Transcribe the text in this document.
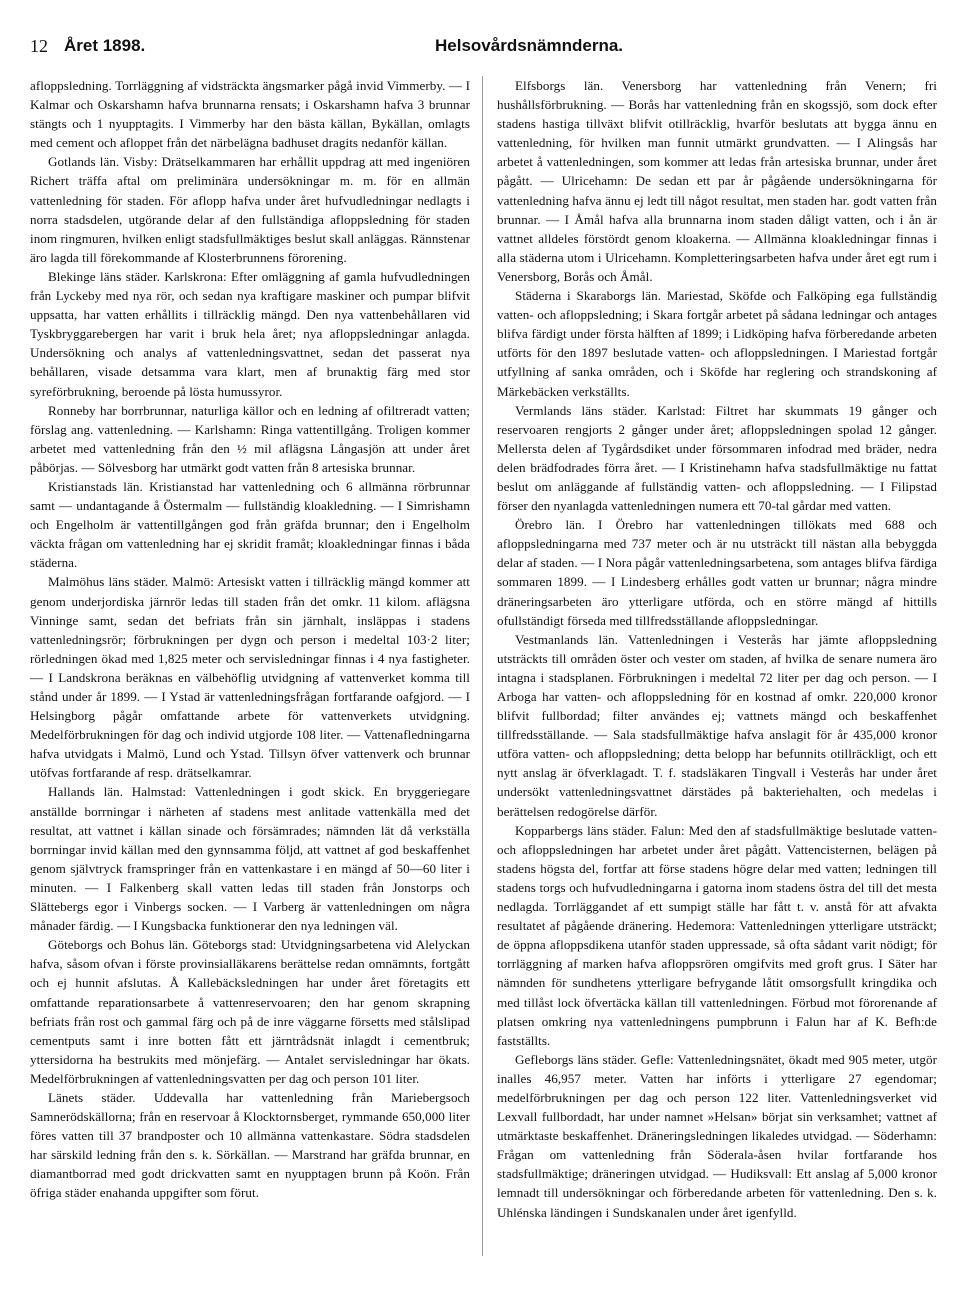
12 Året 1898.	Helsovårdsnämnderna.

afloppsledning. Torrläggning af vidsträckta ängsmarker pågå invid Vimmerby. — I Kalmar och Oskarshamn hafva brunnarna rensats; i Oskarshamn hafva 3 brunnar stängts och 1 nyupptagits. I Vimmerby har den bästa källan, Bykällan, omlagts med cement och afloppet från det närbelägna badhuset dragits nedanför källan.

Gotlands län. Visby: Drätselkammaren har erhållit uppdrag att med ingeniören Richert träffa aftal om preliminära undersökningar m. m. för en allmän vattenledning för staden. För aflopp hafva under året hufvudledningar nedlagts i norra stadsdelen, utgörande delar af den fullständiga afloppsledning för staden inom ringmuren, hvilken enligt stadsfullmäktiges beslut skall anläggas. Rännstenar äro lagda till förekommande af Klosterbrunnens förorening.

Blekinge läns städer. Karlskrona: Efter omläggning af gamla hufvudledningen från Lyckeby med nya rör, och sedan nya kraftigare maskiner och pumpar blifvit uppsatta, har vatten erhållits i tillräcklig mängd. Den nya vattenbehållaren vid Tyskbryggarebergen har varit i bruk hela året; nya afloppsledningar anlagda. Undersökning och analys af vattenledningsvattnet, sedan det passerat nya behållaren, visade detsamma vara klart, men af brunaktig färg med stor syreförbrukning, beroende på lösta humussyror.

Ronneby har borrbrunnar, naturliga källor och en ledning af ofiltreradt vatten; förslag ang. vattenledning. — Karlshamn: Ringa vattentillgång. Troligen kommer arbetet med vattenledning från den ½ mil aflägsna Långasjön att under året påbörjas. — Sölvesborg har utmärkt godt vatten från 8 artesiska brunnar.

Kristianstads län. Kristianstad har vattenledning och 6 allmänna rörbrunnar samt — undantagande å Östermalm — fullständig kloakledning. — I Simrishamn och Engelholm är vattentillgången god från gräfda brunnar; den i Engelholm väckta frågan om vattenledning har ej skridit framåt; kloakledningar finnas i båda städerna.

Malmöhus läns städer. Malmö: Artesiskt vatten i tillräcklig mängd kommer att genom underjordiska järnrör ledas till staden från det omkr. 11 kilom. aflägsna Vinninge samt, sedan det befriats från sin järnhalt, insläppas i stadens vattenledningsrör; förbrukningen per dygn och person i medeltal 103·2 liter; rörledningen ökad med 1,825 meter och servisledningar finnas i 4 nya fastigheter. — I Landskrona beräknas en välbehöflig utvidgning af vattenverket komma till stånd under år 1899. — I Ystad är vattenledningsfrågan fortfarande oafgjord. — I Helsingborg pågår omfattande arbete för vattenverkets utvidgning. Medelförbrukningen för dag och individ utgjorde 108 liter. — Vattenafledningarna hafva utvidgats i Malmö, Lund och Ystad. Tillsyn öfver vattenverk och brunnar utöfvas fortfarande af resp. drätselkamrar.

Hallands län. Halmstad: Vattenledningen i godt skick. En bryggeriegare anställde borrningar i närheten af stadens mest anlitade vattenkälla med det resultat, att vattnet i källan sinade och försämrades; nämnden lät då verkställa borrningar invid källan med den gynnsamma följd, att vattnet af god beskaffenhet genom självtryck framspringer från en vattenkastare i en mängd af 50—60 liter i minuten. — I Falkenberg skall vatten ledas till staden från Jonstorps och Slättebergs egor i Vinbergs socken. — I Varberg är vattenledningen om några månader färdig. — I Kungsbacka funktionerar den nya ledningen väl.

Göteborgs och Bohus län. Göteborgs stad: Utvidgningsarbetena vid Alelyckan hafva, såsom ofvan i förste provinsialläkarens berättelse redan omnämnts, fortgått och ej hunnit afslutas. Å Kallebäcksledningen har under året företagits ett omfattande reparationsarbete å vattenreservoaren; den har genom skrapning befriats från rost och gammal färg och på de inre väggarne försetts med stålslipad cementputs samt i inre botten fått ett järntrådsnät inlagdt i cementbruk; yttersidorna ha bestrukits med mönjefärg. — Antalet servisledningar har ökats. Medelförbrukningen af vattenledningsvatten per dag och person 101 liter.

Länets städer. Uddevalla har vattenledning från Mariebergsoch Samnerödskällorna; från en reservoar å Klocktornsberget, rymmande 650,000 liter föres vatten till 37 brandposter och 10 allmänna vattenkastare. Södra stadsdelen har särskild ledning från den s. k. Sörkällan. — Marstrand har gräfda brunnar, en diamantborrad med godt drickvatten samt en nyupptagen brunn på Koön. Från öfriga städer enahanda uppgifter som förut.

Elfsborgs län. Venersborg har vattenledning från Venern; fri hushållsförbrukning. — Borås har vattenledning från en skogssjö, som dock efter stadens hastiga tillväxt blifvit otillräcklig, hvarför beslutats att bygga ännu en vattenledning, för hvilken man funnit utmärkt grundvatten. — I Alingsås har arbetet å vattenledningen, som kommer att ledas från artesiska brunnar, under året pågått. — Ulricehamn: De sedan ett par år pågående undersökningarna för vattenledning hafva ännu ej ledt till något resultat, men staden har. godt vatten från brunnar. — I Åmål hafva alla brunnarna inom staden dåligt vatten, och i ån är vattnet alldeles förstördt genom kloakerna. — Allmänna kloakledningar finnas i alla städerna utom i Ulricehamn. Kompletteringsarbeten hafva under året egt rum i Venersborg, Borås och Åmål.

Städerna i Skaraborgs län. Mariestad, Sköfde och Falköping ega fullständig vatten- och afloppsledning; i Skara fortgår arbetet på sådana ledningar och antages blifva färdigt under första hälften af 1899; i Lidköping hafva förberedande arbeten utförts för den 1897 beslutade vatten- och afloppsledningen. I Mariestad fortgår utfyllning af sanka områden, och i Sköfde har reglering och strandskoning af Märkebäcken verkställts.

Vermlands läns städer. Karlstad: Filtret har skummats 19 gånger och reservoaren rengjorts 2 gånger under året; afloppsledningen spolad 12 gånger. Mellersta delen af Tygårdsdiket under försommaren infodrad med bräder, nedra delen brädfodrades förra året. — I Kristinehamn hafva stadsfullmäktige nu fattat beslut om anläggande af fullständig vatten- och afloppsledning. — I Filipstad förser den nyanlagda vattenledningen numera ett 70-tal gårdar med vatten.

Örebro län. I Örebro har vattenledningen tillökats med 688 och afloppsledningarna med 737 meter och är nu utsträckt till nästan alla bebyggda delar af staden. — I Nora pågår vattenledningsarbetena, som antages blifva färdiga sommaren 1899. — I Lindesberg erhålles godt vatten ur brunnar; några mindre dräneringsarbeten äro ytterligare utförda, och en större mängd af hittills ofullständigt förseda med tillfredsställande afloppsledningar.

Vestmanlands län. Vattenledningen i Vesterås har jämte afloppsledning utsträckts till områden öster och vester om staden, af hvilka de senare numera äro intagna i stadsplanen. Förbrukningen i medeltal 72 liter per dag och person. — I Arboga har vatten- och afloppsledning för en kostnad af omkr. 220,000 kronor blifvit fullbordad; filter användes ej; vattnets mängd och beskaffenhet tillfredsställande. — Sala stadsfullmäktige hafva anslagit för år 435,000 kronor utföra vatten- och afloppsledning; detta belopp har befunnits otillräckligt, och ett nytt anslag är öfverklagadt. T. f. stadsläkaren Tingvall i Vesterås har under året undersökt vattenledningsvattnet därstädes på bakteriehalten, och medelas i berättelsen redogörelse därför.

Kopparbergs läns städer. Falun: Med den af stadsfullmäktige beslutade vatten- och afloppsledningen har arbetet under året pågått. Vattencisternen, belägen på stadens högsta del, fortfar att förse stadens högre delar med vatten; ledningen till stadens torgs och hufvudledningarna i gatorna inom stadens östra del till det mesta nedlagda. Torrläggandet af ett sumpigt ställe har fått t. v. anstå för att afvakta resultatet af pågående dränering. Hedemora: Vattenledningen ytterligare utsträckt; de öppna afloppsdikena utanför staden uppressade, så ofta sådant varit nödigt; för torrläggning af marken hafva afloppsrören omgifvits med groft grus. I Säter har nämnden för sundhetens ytterligare befrygande låtit omsorgsfullt kringdika och med tillåst lock öfvertäcka källan till vattenledningen. Förbud mot förorenande af platsen omkring nya vattenledningens pumpbrunn i Falun har af K. Befh:de fastställts.

Gefleborgs läns städer. Gefle: Vattenledningsnätet, ökadt med 905 meter, utgör inalles 46,957 meter. Vatten har införts i ytterligare 27 egendomar; medelförbrukningen per dag och person 122 liter. Vattenledningsverket vid Lexvall fullbordadt, har under namnet »Helsan» börjat sin verksamhet; vattnet af utmärktaste beskaffenhet. Dräneringsledningen likaledes utvidgad. — Söderhamn: Frågan om vattenledning från Söderala-åsen hvilar fortfarande hos stadsfullmäktige; dräneringen utvidgad. — Hudiksvall: Ett anslag af 5,000 kronor lemnadt till undersökningar och förberedande arbeten för vattenledning. Den s. k. Uhlénska ländingen i Sundskanalen under året igenfylld.
